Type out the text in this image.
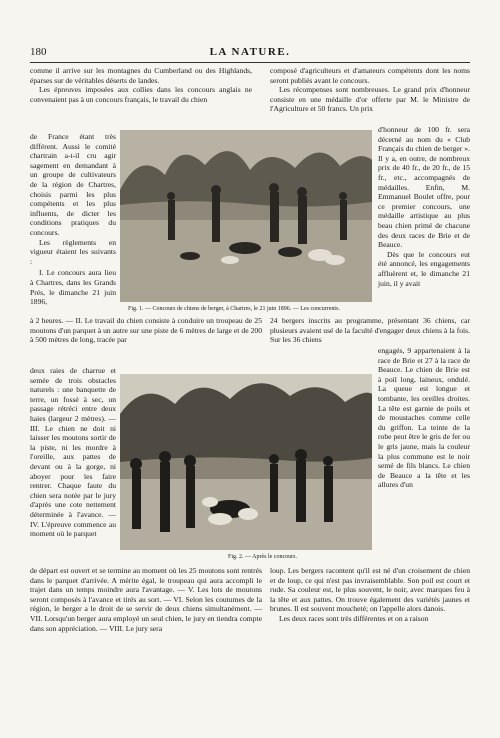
180	LA NATURE.

comme il arrive sur les montagnes du Cumberland ou des Highlands, éparses sur de véritables déserts de landes.

Les épreuves imposées aux collies dans les concours anglais ne convenaient pas à un concours français, le travail du chien

de France étant très différent. Aussi le comité chartrain a-t-il cru agir sagement en demandant à un groupe de cultivateurs de la région de Chartres, choisis parmi les plus compétents et les plus influents, de dicter les conditions pratiques du concours.

Les règlements en vigueur étaient les suivants :

I. Le concours aura lieu à Chartres, dans les Grands Prés, le dimanche 21 juin 1896,

composé d'agriculteurs et d'amateurs compétents dont les noms seront publiés avant le concours.

Les récompenses sont nombreuses. Le grand prix d'honneur consiste en une médaille d'or offerte par M. le Ministre de l'Agriculture et 50 francs. Un prix

d'honneur de 100 fr. sera décerné au nom du « Club Français du chien de berger ». Il y a, en outre, de nombreux prix de 40 fr., de 20 fr., de 15 fr., etc., accompagnés de médailles. Enfin, M. Emmanuel Boulet offre, pour ce premier concours, une médaille artistique au plus beau chien primé de chacune des deux races de Brie et de Beauce.

Dès que le concours eut été annoncé, les engagements affluèrent et, le dimanche 21 juin, il y avait

Fig. 1. — Concours de chiens de berger, à Chartres, le 21 juin 1896. — Les concurrents.

à 2 heures. — II. Le travail du chien consiste à conduire un troupeau de 25 moutons d'un parquet à un autre sur une piste de 6 mètres de large et de 200 à 500 mètres de long, tracée par

24 bergers inscrits au programme, présentant 36 chiens, car plusieurs avaient usé de la faculté d'engager deux chiens à la fois. Sur les 36 chiens

deux raies de charrue et semée de trois obstacles naturels : une banquette de terre, un fossé à sec, un passage rétréci entre deux haies (largeur 2 mètres). — III. Le chien ne doit ni laisser les moutons sortir de la piste, ni les mordre à l'oreille, aux pattes de devant ou à la gorge, ni aboyer pour les faire rentrer. Chaque faute du chien sera notée par le jury d'après une cote nettement déterminée à l'avance. — IV. L'épreuve commence au moment où le parquet

engagés, 9 appartenaient à la race de Brie et 27 à la race de Beauce. Le chien de Brie est à poil long, laineux, ondulé. La queue est longue et tombante, les oreilles droites. La tête est garnie de poils et de moustaches comme celle du griffon. La teinte de la robe peut être le gris de fer ou le gris jaune, mais la couleur la plus commune est le noir semé de fils blancs. Le chien de Beauce a la tête et les allures d'un

Fig. 2. — Après le concours.

de départ est ouvert et se termine au moment où les 25 moutons sont rentrés dans le parquet d'arrivée. A mérite égal, le troupeau qui aura accompli le trajet dans un temps moindre aura l'avantage. — V. Les lots de moutons seront composés à l'avance et tirés au sort. — VI. Selon les coutumes de la région, le berger a le droit de se servir de deux chiens simultanément. — VII. Lorsqu'un berger aura employé un seul chien, le jury en tiendra compte dans son appréciation. — VIII. Le jury sera

loup. Les bergers racontent qu'il est né d'un croisement de chien et de loup, ce qui n'est pas invraisemblable. Son poil est court et rude. Sa couleur est, le plus souvent, le noir, avec marques feu à la tête et aux pattes. On trouve également des variétés jaunes et brunes. Il est souvent moucheté; on l'appelle alors danois.

Les deux races sont très différentes et on a raison
